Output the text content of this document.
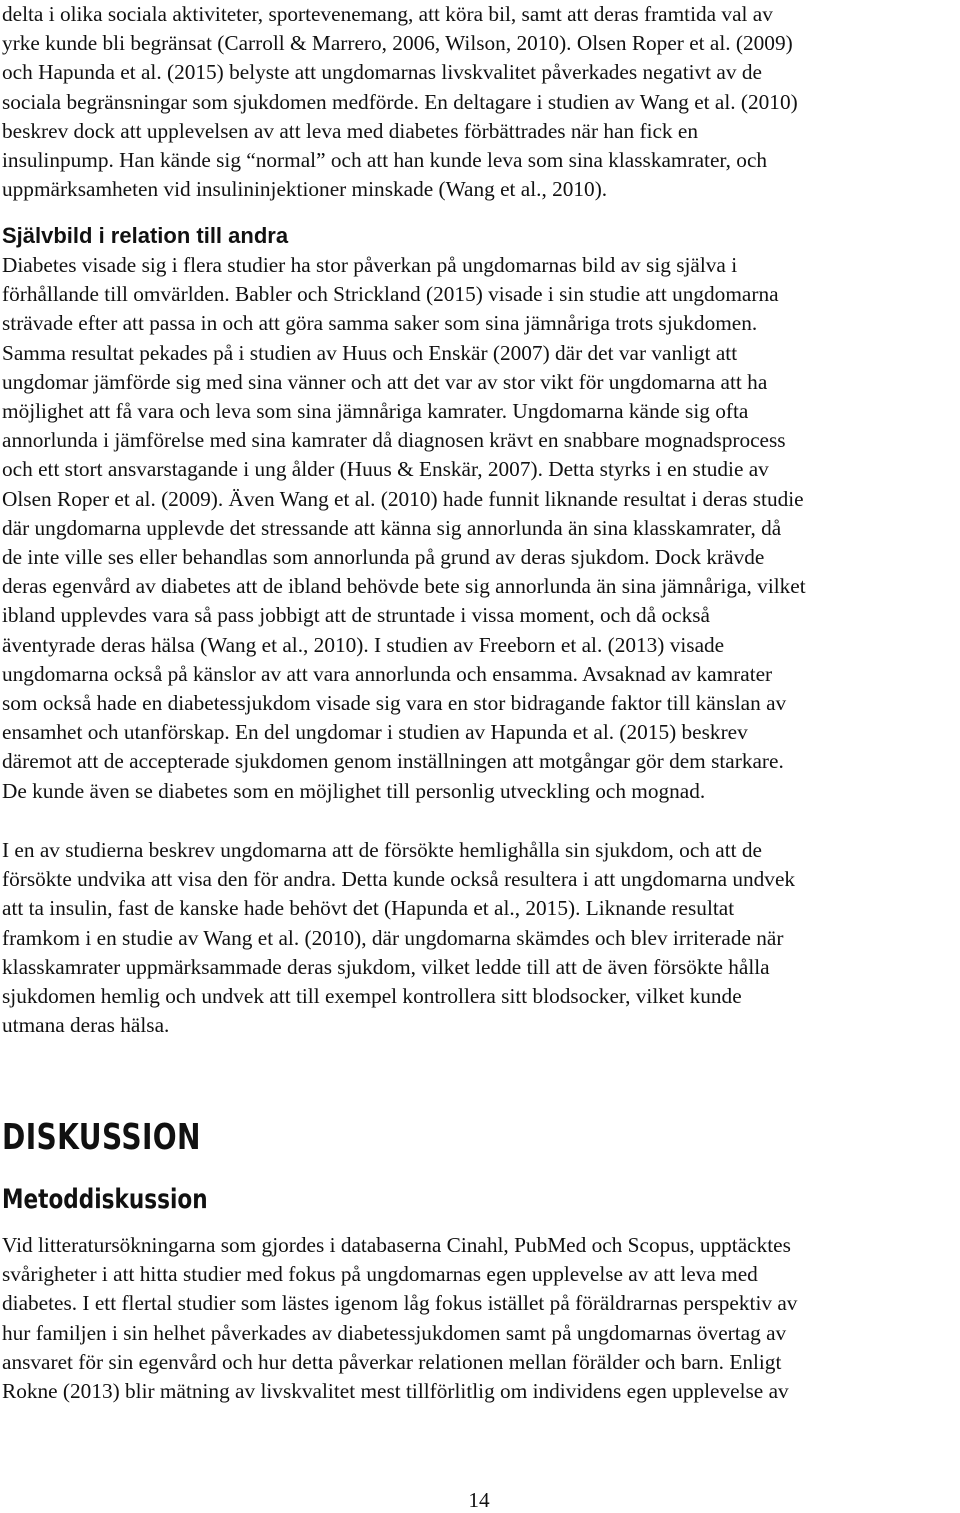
delta i olika sociala aktiviteter, sportevenemang, att köra bil, samt att deras framtida val av
yrke kunde bli begränsat (Carroll & Marrero, 2006, Wilson, 2010). Olsen Roper et al. (2009)
och Hapunda et al. (2015) belyste att ungdomarnas livskvalitet påverkades negativt av de
sociala begränsningar som sjukdomen medförde. En deltagare i studien av Wang et al. (2010)
beskrev dock att upplevelsen av att leva med diabetes förbättrades när han fick en
insulinpump. Han kände sig “normal” och att han kunde leva som sina klasskamrater, och
uppmärksamheten vid insulininjektioner minskade (Wang et al., 2010).

Självbild i relation till andra

Diabetes visade sig i flera studier ha stor påverkan på ungdomarnas bild av sig själva i
förhållande till omvärlden. Babler och Strickland (2015) visade i sin studie att ungdomarna
strävade efter att passa in och att göra samma saker som sina jämnåriga trots sjukdomen.
Samma resultat pekades på i studien av Huus och Enskär (2007) där det var vanligt att
ungdomar jämförde sig med sina vänner och att det var av stor vikt för ungdomarna att ha
möjlighet att få vara och leva som sina jämnåriga kamrater. Ungdomarna kände sig ofta
annorlunda i jämförelse med sina kamrater då diagnosen krävt en snabbare mognadsprocess
och ett stort ansvarstagande i ung ålder (Huus & Enskär, 2007). Detta styrks i en studie av
Olsen Roper et al. (2009). Även Wang et al. (2010) hade funnit liknande resultat i deras studie
där ungdomarna upplevde det stressande att känna sig annorlunda än sina klasskamrater, då
de inte ville ses eller behandlas som annorlunda på grund av deras sjukdom. Dock krävde
deras egenvård av diabetes att de ibland behövde bete sig annorlunda än sina jämnåriga, vilket
ibland upplevdes vara så pass jobbigt att de struntade i vissa moment, och då också
äventyrade deras hälsa (Wang et al., 2010). I studien av Freeborn et al. (2013) visade
ungdomarna också på känslor av att vara annorlunda och ensamma. Avsaknad av kamrater
som också hade en diabetessjukdom visade sig vara en stor bidragande faktor till känslan av
ensamhet och utanförskap. En del ungdomar i studien av Hapunda et al. (2015) beskrev
däremot att de accepterade sjukdomen genom inställningen att motgångar gör dem starkare.
De kunde även se diabetes som en möjlighet till personlig utveckling och mognad.

I en av studierna beskrev ungdomarna att de försökte hemlighålla sin sjukdom, och att de
försökte undvika att visa den för andra. Detta kunde också resultera i att ungdomarna undvek
att ta insulin, fast de kanske hade behövt det (Hapunda et al., 2015). Liknande resultat
framkom i en studie av Wang et al. (2010), där ungdomarna skämdes och blev irriterade när
klasskamrater uppmärksammade deras sjukdom, vilket ledde till att de även försökte hålla
sjukdomen hemlig och undvek att till exempel kontrollera sitt blodsocker, vilket kunde
utmana deras hälsa.

DISKUSSION
Metoddiskussion

Vid litteratursökningarna som gjordes i databaserna Cinahl, PubMed och Scopus, upptäcktes
svårigheter i att hitta studier med fokus på ungdomarnas egen upplevelse av att leva med
diabetes. I ett flertal studier som lästes igenom låg fokus istället på föräldrarnas perspektiv av
hur familjen i sin helhet påverkades av diabetessjukdomen samt på ungdomarnas övertag av
ansvaret för sin egenvård och hur detta påverkar relationen mellan förälder och barn. Enligt
Rokne (2013) blir mätning av livskvalitet mest tillförlitlig om individens egen upplevelse av

14
